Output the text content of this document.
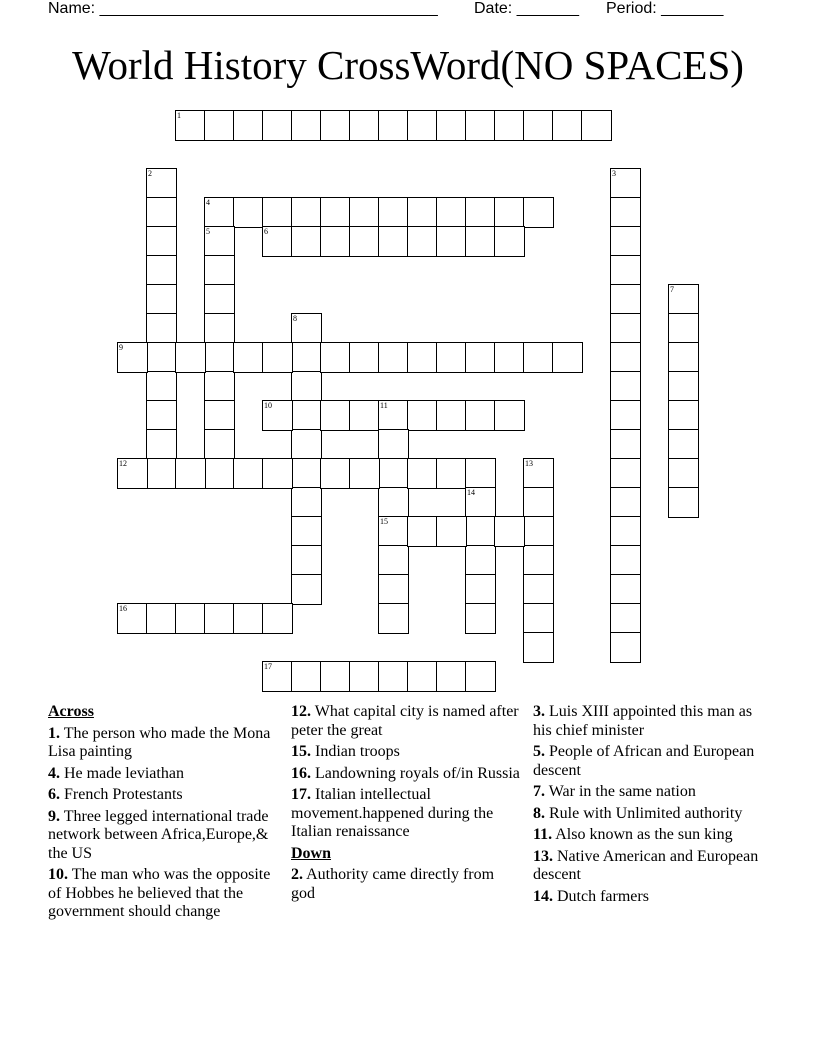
Name: ______________________________________ Date: _______ Period: _______
World History CrossWord(NO SPACES)
1
2	3
4
5	6
7
8
9
10	11
15
12	13
14
16
17
Across
1. The person who made the Mona Lisa painting
4. He made leviathan
6. French Protestants
9. Three legged international trade network between Africa,Europe,& the US
10. The man who was the opposite of Hobbes he believed that the government should change
12. What capital city is named after peter the great
15. Indian troops
16. Landowning royals of/in Russia
17. Italian intellectual movement.happened during the Italian renaissance
Down
2. Authority came directly from god
3. Luis XIII appointed this man as his chief minister
5. People of African and European descent
7. War in the same nation
8. Rule with Unlimited authority
11. Also known as the sun king
13. Native American and European descent
14. Dutch farmers
